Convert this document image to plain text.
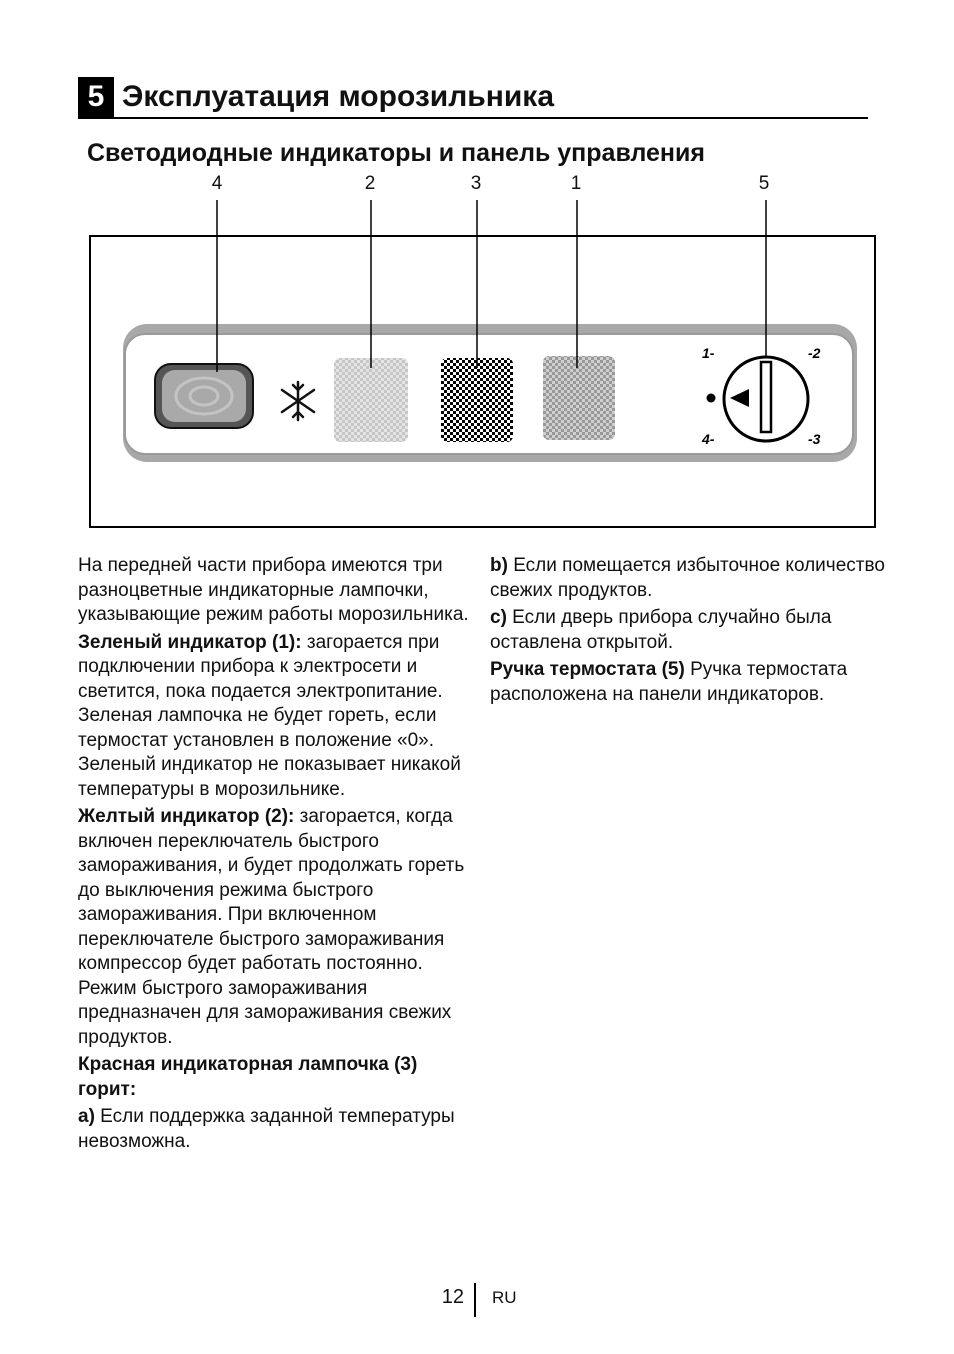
5 Эксплуатация морозильника
Светодиодные индикаторы и панель управления
4	2	3	1	5
1-	-2
4-	-3

На передней части прибора имеются три разноцветные индикаторные лампочки, указывающие режим работы морозильника.

Зеленый индикатор (1): загорается при подключении прибора к электросети и светится, пока подается электропитание. Зеленая лампочка не будет гореть, если термостат установлен в положение «0». Зеленый индикатор не показывает никакой температуры в морозильнике.

Желтый индикатор (2): загорается, когда включен переключатель быстрого замораживания, и будет продолжать гореть до выключения режима быстрого замораживания. При включенном переключателе быстрого замораживания компрессор будет работать постоянно. Режим быстрого замораживания предназначен для замораживания свежих продуктов.

Красная индикаторная лампочка (3) горит:

a) Если поддержка заданной температуры невозможна.

b) Если помещается избыточное количество свежих продуктов.

c) Если дверь прибора случайно была оставлена открытой.

Ручка термостата (5) Ручка термостата расположена на панели индикаторов.

12 RU
